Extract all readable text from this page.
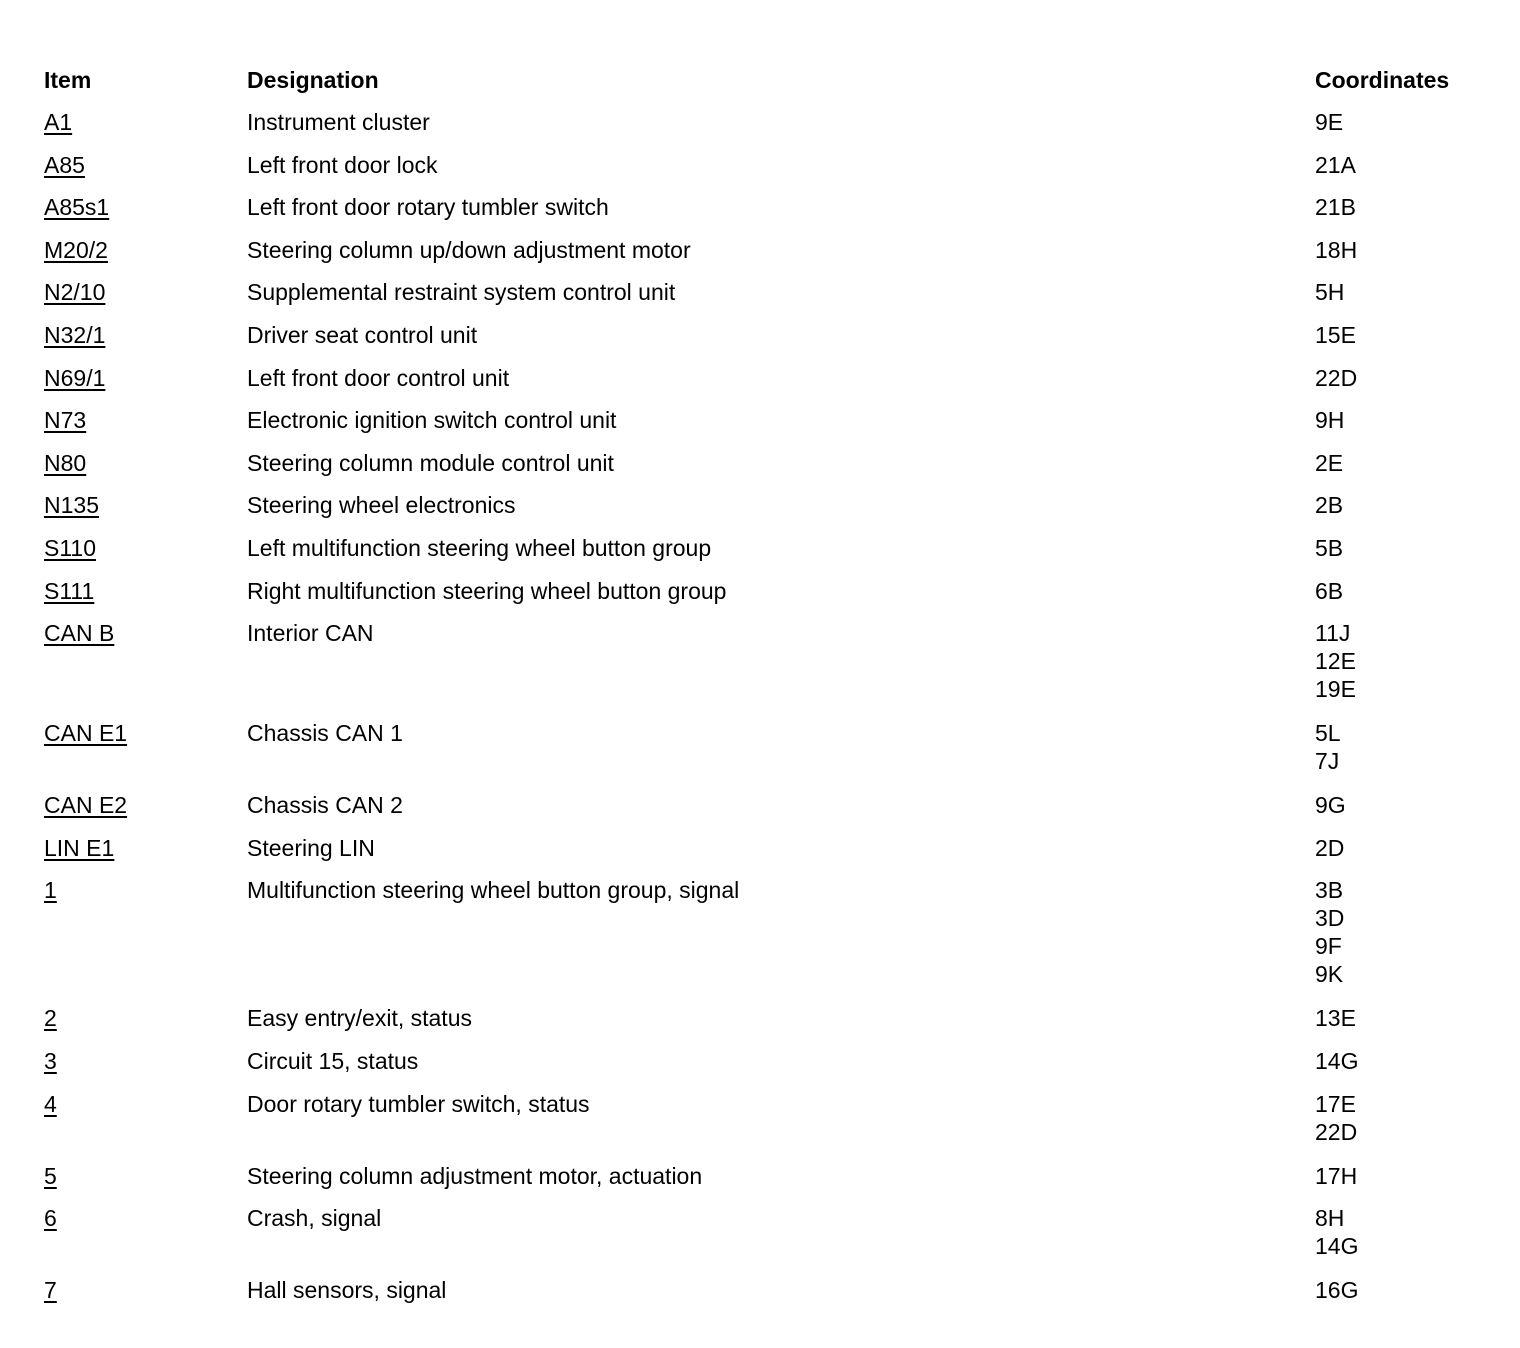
Item	Designation	Coordinates

A1	Instrument cluster	9E

A85	Left front door lock	21A

A85s1	Left front door rotary tumbler switch	21B

M20/2	Steering column up/down adjustment motor	18H

N2/10	Supplemental restraint system control unit	5H

N32/1	Driver seat control unit	15E

N69/1	Left front door control unit	22D

N73	Electronic ignition switch control unit	9H

N80	Steering column module control unit	2E

N135	Steering wheel electronics	2B

S110	Left multifunction steering wheel button group	5B

S111	Right multifunction steering wheel button group	6B

CAN B	Interior CAN	11J
12E
19E

CAN E1	Chassis CAN 1	5L
7J

CAN E2	Chassis CAN 2	9G

LIN E1	Steering LIN	2D

1	Multifunction steering wheel button group, signal	3B
3D
9F
9K

2	Easy entry/exit, status	13E

3	Circuit 15, status	14G

4	Door rotary tumbler switch, status	17E
22D

5	Steering column adjustment motor, actuation	17H

6	Crash, signal	8H
14G

7	Hall sensors, signal	16G
